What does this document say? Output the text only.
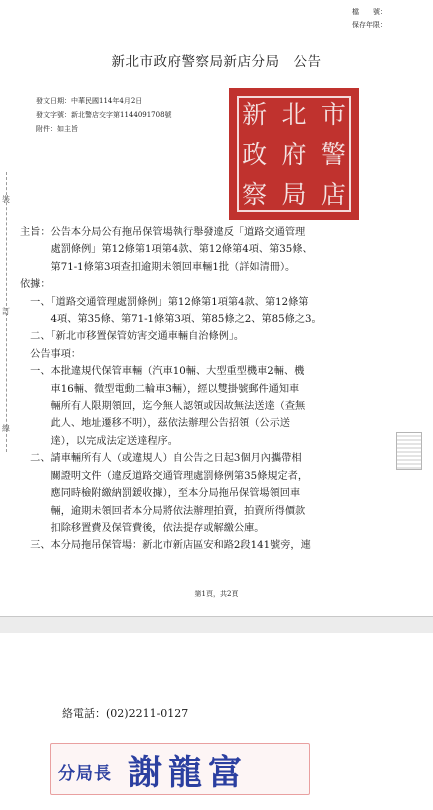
檔　　號：
保存年限：
新北市政府警察局新店分局　公告
發文日期：中華民國114年4月2日
發文字號：新北警店交字第1144091708號
附件：如主旨
新 北 市
政 府 警
察 局 店
裝
訂
線
主旨：公告本分局公有拖吊保管場執行舉發違反「道路交通管理
　　　處罰條例」第12條第1項第4款、第12條第4項、第35條、
　　　第71-1條第3項查扣逾期未領回車輛1批（詳如清冊）。
依據：
　一、「道路交通管理處罰條例」第12條第1項第4款、第12條第
　　　4項、第35條、第71-1條第3項、第85條之2、第85條之3。
　二、「新北市移置保管妨害交通車輛自治條例」。
　公告事項：
　一、本批違規代保管車輛（汽車10輛、大型重型機車2輛、機
　　　車16輛、微型電動二輪車3輛），經以雙掛號郵件通知車
　　　輛所有人限期領回，迄今無人認領或因故無法送達（查無
　　　此人、地址遷移不明），茲依法辦理公告招領（公示送
　　　達），以完成法定送達程序。
　二、請車輛所有人（或違規人）自公告之日起3個月內攜帶相
　　　關證明文件（違反道路交通管理處罰條例第35條規定者，
　　　應同時檢附繳納罰鍰收據），至本分局拖吊保管場領回車
　　　輛，逾期未領回者本分局將依法辦理拍賣，拍賣所得價款
　　　扣除移置費及保管費後，依法提存或解繳公庫。
　三、本分局拖吊保管場：新北市新店區安和路2段141號旁，連
第1頁，共2頁
絡電話：(02)2211-0127
分局長 謝龍富
